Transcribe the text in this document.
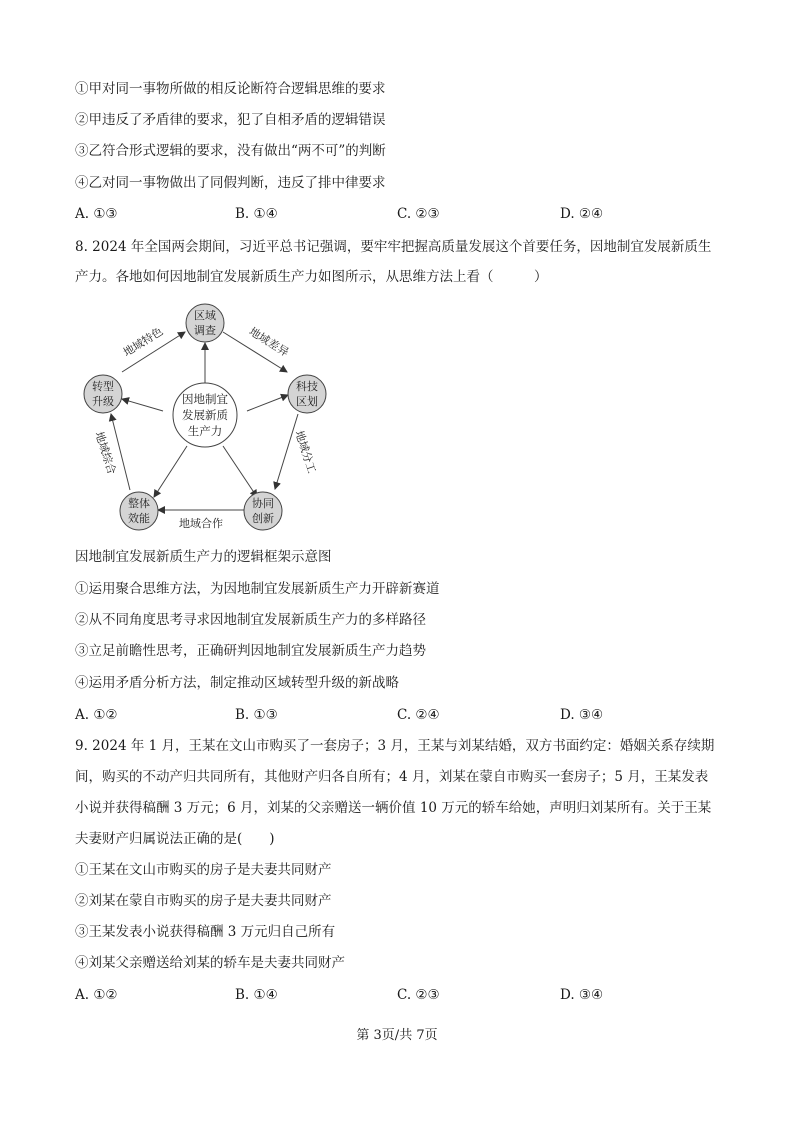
①甲对同一事物所做的相反论断符合逻辑思维的要求
②甲违反了矛盾律的要求，犯了自相矛盾的逻辑错误
③乙符合形式逻辑的要求，没有做出“两不可”的判断
④乙对同一事物做出了同假判断，违反了排中律要求
A. ①③	B. ①④	C. ②③	D. ②④
8. 2024 年全国两会期间，习近平总书记强调，要牢牢把握高质量发展这个首要任务，因地制宜发展新质生
产力。各地如何因地制宜发展新质生产力如图所示，从思维方法上看（　　　）
因地制宜
发展新质
生产力
区域
调查
科技
区划
协同
创新
整体
效能
转型
升级
地域特色	地域差异
地域分工
地域合作
地域综合
因地制宜发展新质生产力的逻辑框架示意图
①运用聚合思维方法，为因地制宜发展新质生产力开辟新赛道
②从不同角度思考寻求因地制宜发展新质生产力的多样路径
③立足前瞻性思考，正确研判因地制宜发展新质生产力趋势
④运用矛盾分析方法，制定推动区域转型升级的新战略
A. ①②	B. ①③	C. ②④	D. ③④
9. 2024 年 1 月，王某在文山市购买了一套房子；3 月，王某与刘某结婚，双方书面约定：婚姻关系存续期
间，购买的不动产归共同所有，其他财产归各自所有；4 月，刘某在蒙自市购买一套房子；5 月，王某发表
小说并获得稿酬 3 万元；6 月，刘某的父亲赠送一辆价值 10 万元的轿车给她，声明归刘某所有。关于王某
夫妻财产归属说法正确的是(　　)
①王某在文山市购买的房子是夫妻共同财产
②刘某在蒙自市购买的房子是夫妻共同财产
③王某发表小说获得稿酬 3 万元归自己所有
④刘某父亲赠送给刘某的轿车是夫妻共同财产
A. ①②	B. ①④	C. ②③	D. ③④
第 3页/共 7页
